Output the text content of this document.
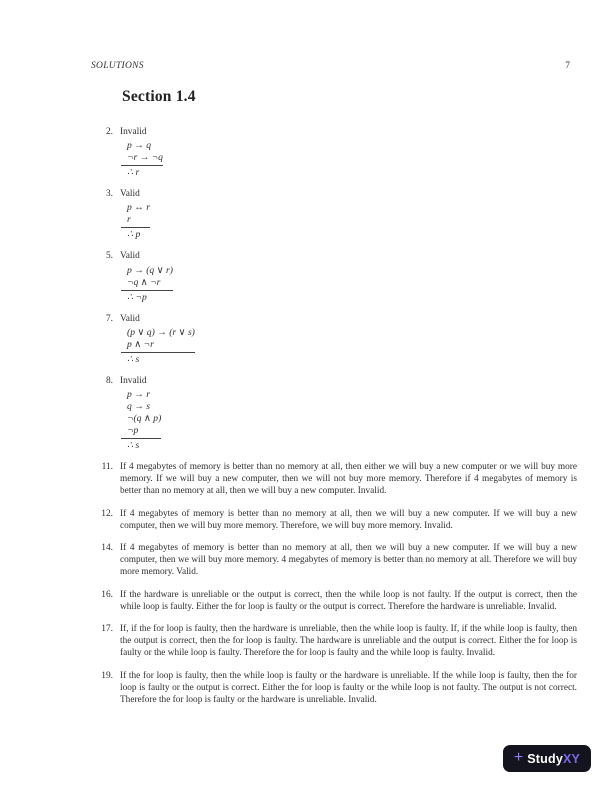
SOLUTIONS	7
Section 1.4
2. Invalid
p → q
¬r → ¬q
∴ r
3. Valid
p ↔ r
r
∴ p
5. Valid
p → (q ∨ r)
¬q ∧ ¬r
∴ ¬p
7. Valid
(p ∨ q) → (r ∨ s)
p ∧ ¬r
∴ s
8. Invalid
p → r
q → s
¬(q ∧ p)
¬p
∴ s
11. If 4 megabytes of memory is better than no memory at all, then either we will buy a new computer or we will buy more memory. If we will buy a new computer, then we will not buy more memory. Therefore if 4 megabytes of memory is better than no memory at all, then we will buy a new computer. Invalid.

12. If 4 megabytes of memory is better than no memory at all, then we will buy a new computer. If we will buy a new computer, then we will buy more memory. Therefore, we will buy more memory. Invalid.

14. If 4 megabytes of memory is better than no memory at all, then we will buy a new computer. If we will buy a new computer, then we will buy more memory. 4 megabytes of memory is better than no memory at all. Therefore we will buy more memory. Valid.

16. If the hardware is unreliable or the output is correct, then the while loop is not faulty. If the output is correct, then the while loop is faulty. Either the for loop is faulty or the output is correct. Therefore the hardware is unreliable. Invalid.

17. If, if the for loop is faulty, then the hardware is unreliable, then the while loop is faulty. If, if the while loop is faulty, then the output is correct, then the for loop is faulty. The hardware is unreliable and the output is correct. Either the for loop is faulty or the while loop is faulty. Therefore the for loop is faulty and the while loop is faulty. Invalid.

19. If the for loop is faulty, then the while loop is faulty or the hardware is unreliable. If the while loop is faulty, then the for loop is faulty or the output is correct. Either the for loop is faulty or the while loop is not faulty. The output is not correct. Therefore the for loop is faulty or the hardware is unreliable. Invalid.

+ StudyXY
